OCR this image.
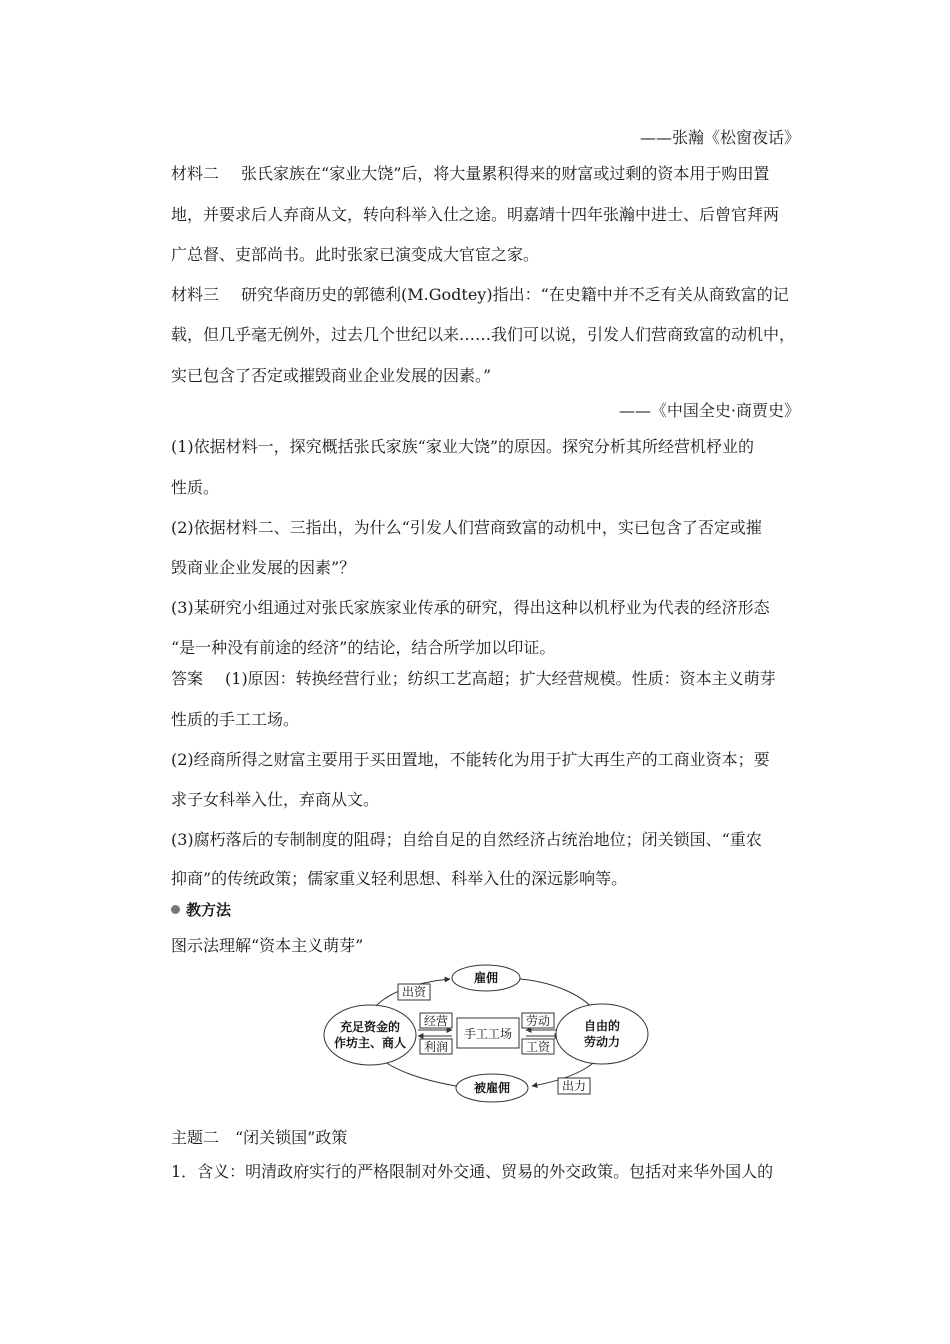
——张瀚《松窗夜话》
材料二 张氏家族在“家业大饶”后，将大量累积得来的财富或过剩的资本用于购田置
地，并要求后人弃商从文，转向科举入仕之途。明嘉靖十四年张瀚中进士、后曾官拜两
广总督、吏部尚书。此时张家已演变成大官宦之家。
材料三 研究华商历史的郭德利(M.Godtey)指出：“在史籍中并不乏有关从商致富的记
载，但几乎毫无例外，过去几个世纪以来……我们可以说，引发人们营商致富的动机中，
实已包含了否定或摧毁商业企业发展的因素。”
——《中国全史·商贾史》
(1)依据材料一，探究概括张氏家族“家业大饶”的原因。探究分析其所经营机杼业的
性质。
(2)依据材料二、三指出，为什么“引发人们营商致富的动机中，实已包含了否定或摧
毁商业企业发展的因素”？
(3)某研究小组通过对张氏家族家业传承的研究，得出这种以机杼业为代表的经济形态
“是一种没有前途的经济”的结论，结合所学加以印证。
答案 (1)原因：转换经营行业；纺织工艺高超；扩大经营规模。性质：资本主义萌芽
性质的手工工场。
(2)经商所得之财富主要用于买田置地，不能转化为用于扩大再生产的工商业资本；要
求子女科举入仕，弃商从文。
(3)腐朽落后的专制制度的阻碍；自给自足的自然经济占统治地位；闭关锁国、“重农
抑商”的传统政策；儒家重义轻利思想、科举入仕的深远影响等。
教方法
图示法理解“资本主义萌芽”
充足资金的
作坊主、商人
雇佣
自由的
劳动力
被雇佣
手工工场
出资
经营
利润
劳动
工资
出力
主题二　“闭关锁国”政策
1．含义：明清政府实行的严格限制对外交通、贸易的外交政策。包括对来华外国人的
